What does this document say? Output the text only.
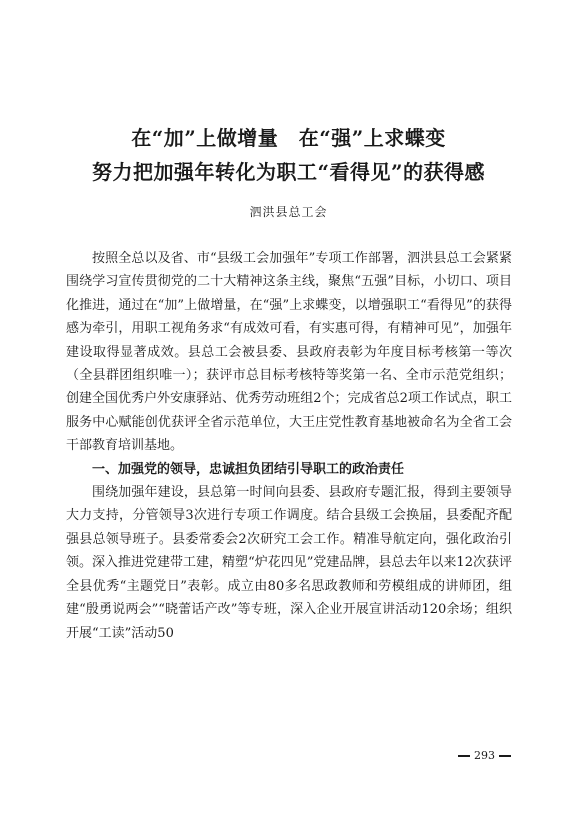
在“加”上做增量　在“强”上求蝶变
努力把加强年转化为职工“看得见”的获得感

泗洪县总工会

按照全总以及省、市“县级工会加强年”专项工作部署，泗洪县总工会紧紧围绕学习宣传贯彻党的二十大精神这条主线，聚焦“五强”目标，小切口、项目化推进，通过在“加”上做增量，在“强”上求蝶变，以增强职工“看得见”的获得感为牵引，用职工视角务求“有成效可看，有实惠可得，有精神可见”，加强年建设取得显著成效。县总工会被县委、县政府表彰为年度目标考核第一等次（全县群团组织唯一）；获评市总目标考核特等奖第一名、全市示范党组织；创建全国优秀户外安康驿站、优秀劳动班组2个；完成省总2项工作试点，职工服务中心赋能创优获评全省示范单位，大王庄党性教育基地被命名为全省工会干部教育培训基地。

一、加强党的领导，忠诚担负团结引导职工的政治责任

围绕加强年建设，县总第一时间向县委、县政府专题汇报，得到主要领导大力支持，分管领导3次进行专项工作调度。结合县级工会换届，县委配齐配强县总领导班子。县委常委会2次研究工会工作。精准导航定向，强化政治引领。深入推进党建带工建，精塑“炉花四见”党建品牌，县总去年以来12次获评全县优秀“主题党日”表彰。成立由80多名思政教师和劳模组成的讲师团，组建“殷勇说两会”“晓蕾话产改”等专班，深入企业开展宣讲活动120余场；组织开展“工读”活动50

293
